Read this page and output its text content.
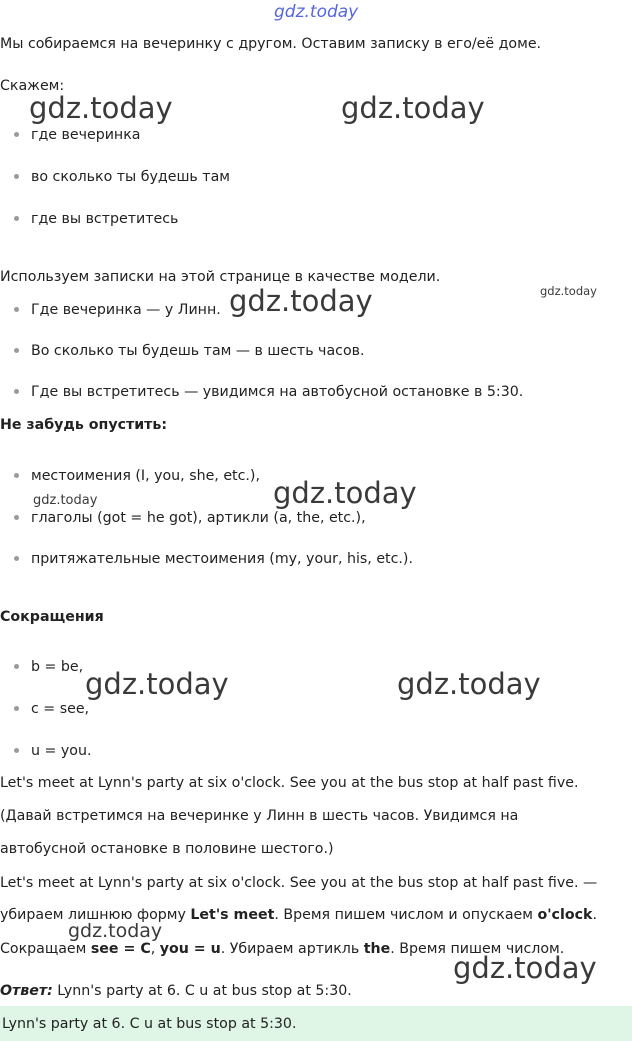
gdz.today
Мы собираемся на вечеринку с другом. Оставим записку в его/её доме.
Скажем:
где вечеринка
во сколько ты будешь там
где вы встретитесь
Используем записки на этой странице в качестве модели.
Где вечеринка — у Линн.
Во сколько ты будешь там — в шесть часов.
Где вы встретитесь — увидимся на автобусной остановке в 5:30.
Не забудь опустить:
местоимения (I, you, she, etc.),
глаголы (got = he got), артикли (a, the, etc.),
притяжательные местоимения (my, your, his, etc.).
Сокращения
b = be,
c = see,
u = you.
Let's meet at Lynn's party at six o'clock. See you at the bus stop at half past five.
(Давай встретимся на вечеринке у Линн в шесть часов. Увидимся на
автобусной остановке в половине шестого.)
Let's meet at Lynn's party at six o'clock. See you at the bus stop at half past five. —
убираем лишнюю форму Let's meet. Время пишем числом и опускаем o'clock.
Сокращаем see = C, you = u. Убираем артикль the. Время пишем числом.
Ответ: Lynn's party at 6. C u at bus stop at 5:30.
Lynn's party at 6. C u at bus stop at 5:30.
gdz.today	gdz.today
gdz.today	gdz.today
gdz.today
gdz.today
gdz.today	gdz.today
gdz.today
gdz.today
